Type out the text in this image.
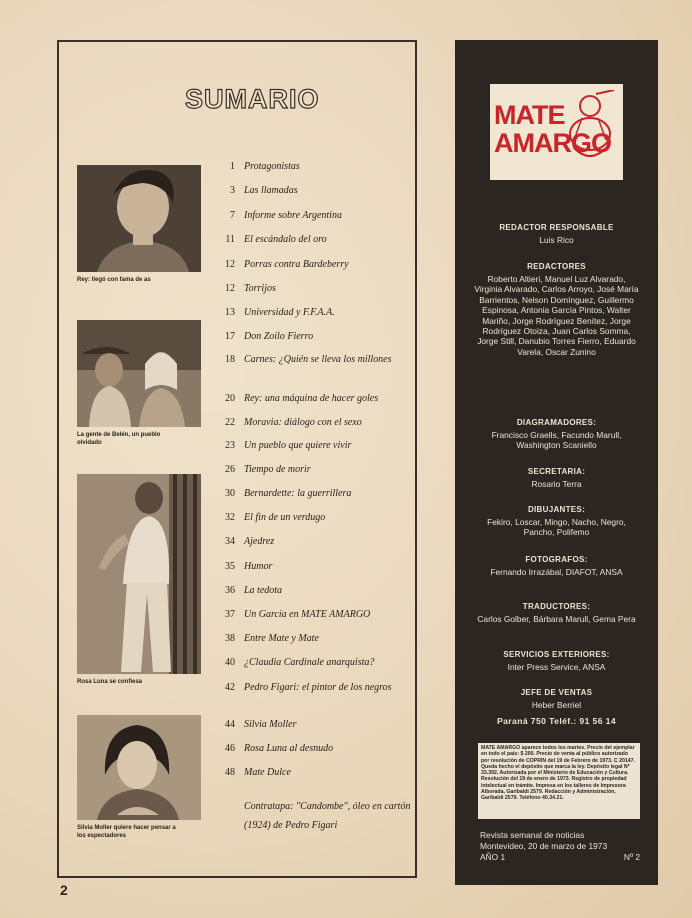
SUMARIO
Rey: llegó con fama de as
La gente de Belén, un pueblo olvidado
Rosa Luna se confiesa
Silvia Moller quiere hacer pensar a los espectadores
1 Protagonistas
3 Las llamadas
7 Informe sobre Argentina
11 El escándalo del oro
12 Porras contra Bardeberry
12 Torrijos
13 Universidad y F.F.A.A.
17 Don Zoilo Fierro
18 Carnes: ¿Quién se lleva los millones
20 Rey: una máquina de hacer goles
22 Moravia: diálogo con el sexo
23 Un pueblo que quiere vivir
26 Tiempo de morir
30 Bernardette: la guerrillera
32 El fin de un verdugo
34 Ajedrez
35 Humor
36 La tedota
37 Un García en MATE AMARGO
38 Entre Mate y Mate
40 ¿Claudia Cardinale anarquista?
42 Pedro Figari: el pintor de los negros
44 Silvia Moller
46 Rosa Luna al desnudo
48 Mate Dulce
Contratapa: "Candombe", óleo en cartón (1924) de Pedro Figari
2
MATE
AMARGO
REDACTOR RESPONSABLE
Luis Rico
REDACTORES
Roberto Altieri, Manuel Luz Alvarado, Virginia Alvarado, Carlos Arroyo, José María Barrientos, Nelson Domínguez, Guillermo Espinosa, Antonia García Pintos, Walter Mariño, Jorge Rodríguez Benítez, Jorge Rodríguez Otoiza, Juan Carlos Somma, Jorge Still, Danubio Torres Fierro, Eduardo Varela, Oscar Zunino
DIAGRAMADORES:
Francisco Graells, Facundo Marull, Washington Scaniello
SECRETARIA:
Rosario Terra
DIBUJANTES:
Fekiro, Loscar, Mingo, Nacho, Negro, Pancho, Polifemo
FOTOGRAFOS:
Fernando Irrazábal, DIAFOT, ANSA
TRADUCTORES:
Carlos Golber, Bárbara Marull, Gema Pera
SERVICIOS EXTERIORES:
Inter Press Service, ANSA
JEFE DE VENTAS
Heber Berriel
Paraná 750 Teléf.: 91 56 14
MATE AMARGO aparece todos los martes. Precio del ejemplar en todo el país: $ 200. Precio de venta al público autorizado por resolución de COPRIN del 19 de Febrero de 1973. C 20147. Queda hecho el depósito que marca la ley. Depósito legal Nº 33.392. Autorizada por el Ministerio de Educación y Cultura. Resolución del 19 de enero de 1973. Registro de propiedad intelectual en trámite. Impresa en los talleres de Impresora Alborada, Garibaldi 2579. Redacción y Administración, Garibaldi 2579. Teléfono 40.34.21.
Revista semanal de noticias
Montevideo, 20 de marzo de 1973
AÑO 1	Nº 2
